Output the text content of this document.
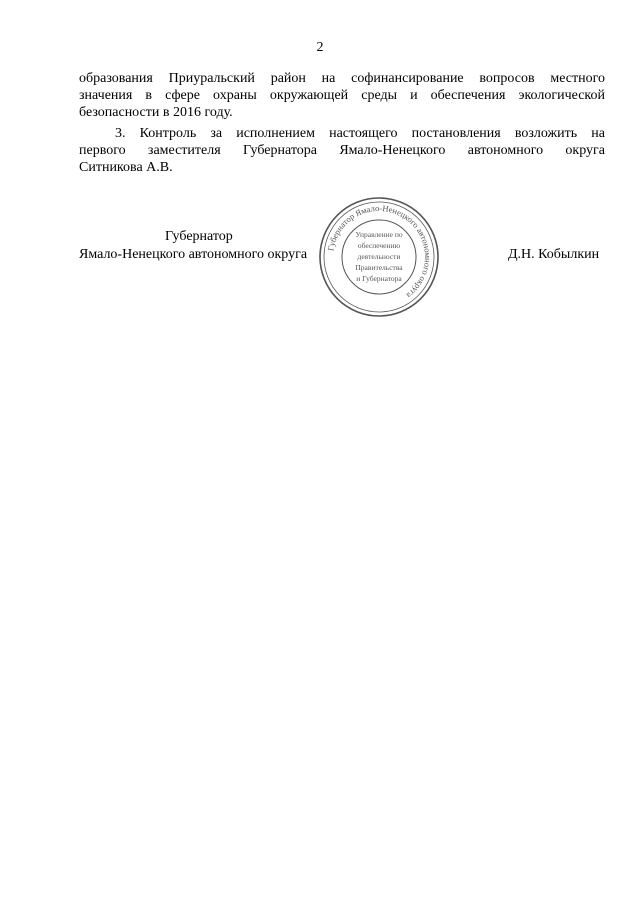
2
образования Приуральский район на софинансирование вопросов местного
значения в сфере охраны окружающей среды и обеспечения экологической
безопасности в 2016 году.
3. Контроль за исполнением настоящего постановления возложить на
первого заместителя Губернатора Ямало-Ненецкого автономного округа
Ситникова А.В.
Губернатор
Ямало-Ненецкого автономного округа	Д.Н. Кобылкин
Губернатор Ямало-Ненецкого автономного округа
Управление по
обеспечению
деятельности
Правительства
и Губернатора
